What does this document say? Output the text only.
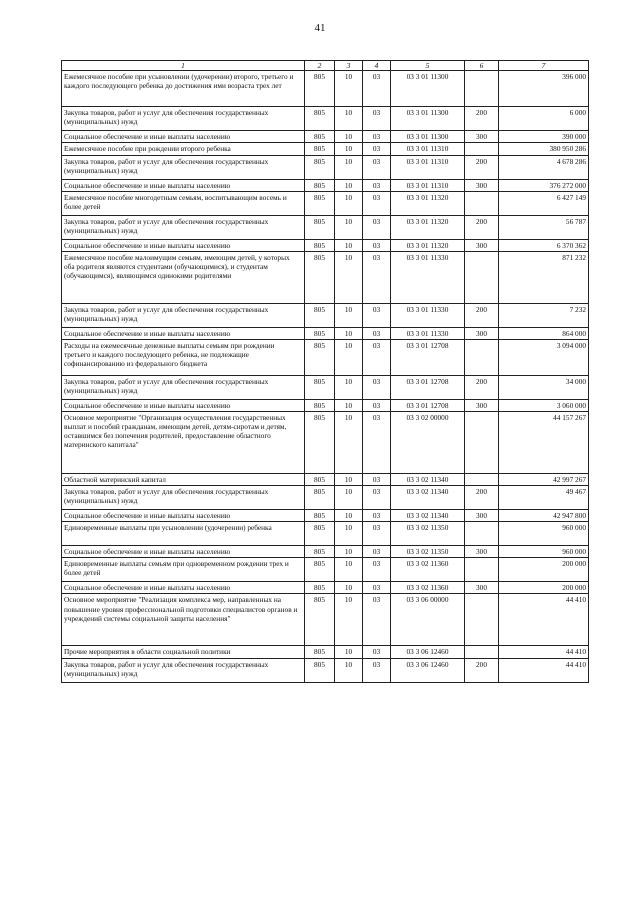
41
1	2	3	4	5	6	7
Ежемесячное пособие при усыновлении (удочерении) второго, третьего и каждого последующего ребенка до достижения ими возраста трех лет	805	10	03	03 3 01 11300		396 000
Закупка товаров, работ и услуг для обеспечения государственных (муниципальных) нужд	805	10	03	03 3 01 11300	200	6 000
Социальное обеспечение и иные выплаты населению	805	10	03	03 3 01 11300	300	390 000
Ежемесячное пособие при рождении второго ребенка	805	10	03	03 3 01 11310		380 950 286
Закупка товаров, работ и услуг для обеспечения государственных (муниципальных) нужд	805	10	03	03 3 01 11310	200	4 678 286
Социальное обеспечение и иные выплаты населению	805	10	03	03 3 01 11310	300	376 272 000
Ежемесячное пособие многодетным семьям, воспитывающим восемь и более детей	805	10	03	03 3 01 11320		6 427 149
Закупка товаров, работ и услуг для обеспечения государственных (муниципальных) нужд	805	10	03	03 3 01 11320	200	56 787
Социальное обеспечение и иные выплаты населению	805	10	03	03 3 01 11320	300	6 370 362
Ежемесячное пособие малоимущим семьям, имеющим детей, у которых оба родителя являются студентами (обучающимися), и студентам (обучающимся), являющимся одинокими родителями	805	10	03	03 3 01 11330		871 232
Закупка товаров, работ и услуг для обеспечения государственных (муниципальных) нужд	805	10	03	03 3 01 11330	200	7 232
Социальное обеспечение и иные выплаты населению	805	10	03	03 3 01 11330	300	864 000
Расходы на ежемесячные денежные выплаты семьям при рождении третьего и каждого последующего ребенка, не подлежащие софинансированию из федерального бюджета	805	10	03	03 3 01 12708		3 094 000
Закупка товаров, работ и услуг для обеспечения государственных (муниципальных) нужд	805	10	03	03 3 01 12708	200	34 000
Социальное обеспечение и иные выплаты населению	805	10	03	03 3 01 12708	300	3 060 000
Основное мероприятие "Организация осуществления государственных выплат и пособий гражданам, имеющим детей, детям-сиротам и детям, оставшимся без попечения родителей, предоставление областного материнского капитала"	805	10	03	03 3 02 00000		44 157 267
Областной материнский капитал	805	10	03	03 3 02 11340		42 997 267
Закупка товаров, работ и услуг для обеспечения государственных (муниципальных) нужд	805	10	03	03 3 02 11340	200	49 467
Социальное обеспечение и иные выплаты населению	805	10	03	03 3 02 11340	300	42 947 800
Единовременные выплаты при усыновлении (удочерении) ребенка	805	10	03	03 3 02 11350		960 000
Социальное обеспечение и иные выплаты населению	805	10	03	03 3 02 11350	300	960 000
Единовременные выплаты семьям при одновременном рождении трех и более детей	805	10	03	03 3 02 11360		200 000
Социальное обеспечение и иные выплаты населению	805	10	03	03 3 02 11360	300	200 000
Основное мероприятие "Реализация комплекса мер, направленных на повышение уровня профессиональной подготовки специалистов органов и учреждений системы социальной защиты населения"	805	10	03	03 3 06 00000		44 410
Прочие мероприятия в области социальной политики	805	10	03	03 3 06 12460		44 410
Закупка товаров, работ и услуг для обеспечения государственных (муниципальных) нужд	805	10	03	03 3 06 12460	200	44 410
